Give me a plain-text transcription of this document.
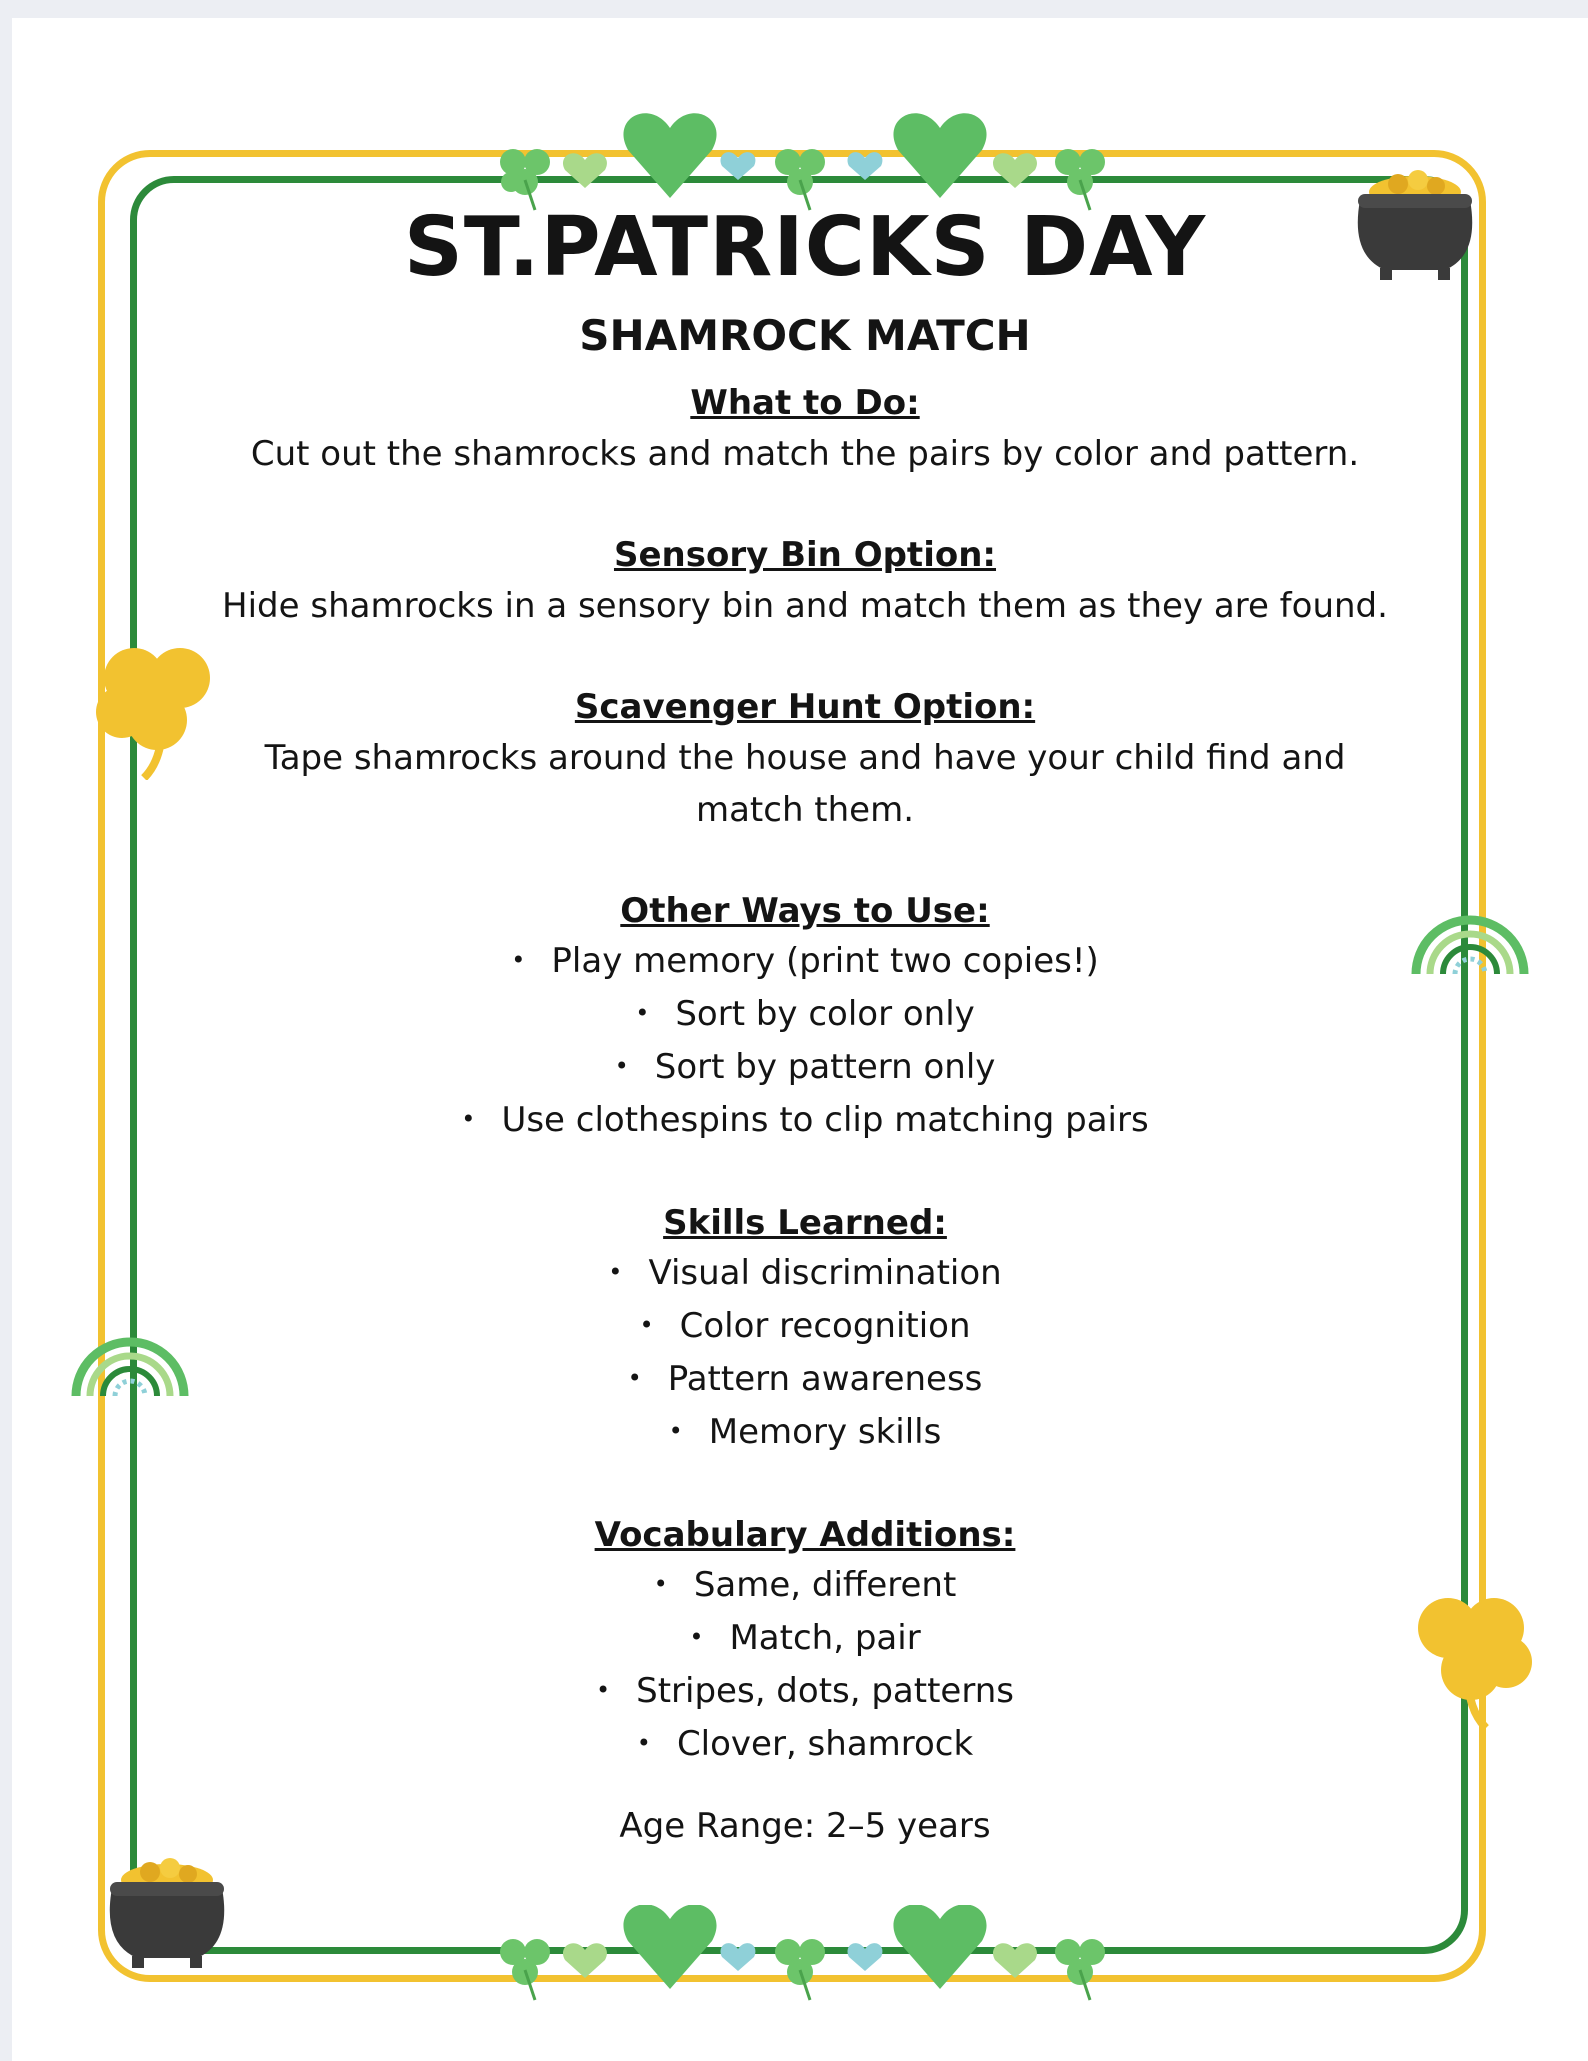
ST.PATRICKS DAY
SHAMROCK MATCH
What to Do:
Cut out the shamrocks and match the pairs by color and pattern.
Sensory Bin Option:
Hide shamrocks in a sensory bin and match them as they are found.
Scavenger Hunt Option:
Tape shamrocks around the house and have your child find and
match them.
Other Ways to Use:
• Play memory (print two copies!)
• Sort by color only
• Sort by pattern only
• Use clothespins to clip matching pairs
Skills Learned:
• Visual discrimination
• Color recognition
• Pattern awareness
• Memory skills
Vocabulary Additions:
• Same, different
• Match, pair
• Stripes, dots, patterns
• Clover, shamrock
Age Range: 2–5 years
